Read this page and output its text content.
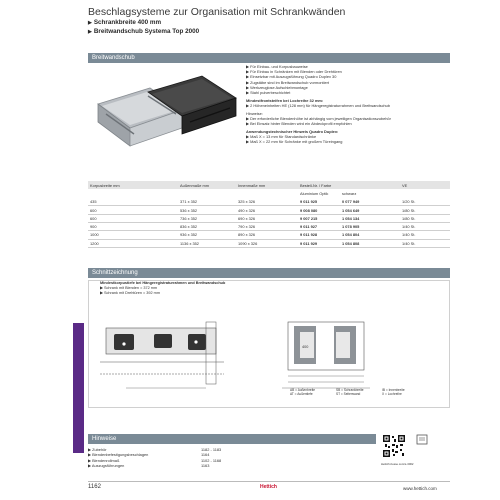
Beschlagsysteme zur Organisation mit Schrankwänden
▶ Schrankbreite 400 mm
▶ Breitwandschub Systema Top 2000
Breitwandschub
▶ Für Einbau- und Korpusbauweise
▶ Für Einbau in Schränken mit Blenden oder Drehtüren
▶ Einsetzbar mit Auszugsführung Quadro Duplex 30
▶ Zugstäbe sind im Breitwandschub vormontiert
▶ Werkzeuglose Aufschiebmontage
▶ Stahl pulverbeschichtet
Mindestfrontsteifen bei Lochreihe 32 mm:
▶ 2 Höheneinheiten HE (128 mm) für Hängeregistraturrahmen und Breitwandschub
Hinweise:
▶ Der erforderliche Blendenhöhe ist abhängig vom jeweiligen Organisationszubehör
▶ Bei Einsatz hinter Blenden wird ein Abdeckprofil empfohlen
Anwendungstechnischer Hinweis Quadro Duplex:
▶ Maß X = 13 mm für Standardschränke
▶ Maß X = 22 mm für Schränke mit großem Türeingang
Korpusbreite mm	Außenmaße mm	Innenmaße mm	Bestell-Nr. / Farbe		VE
			Aluminium Optik	schwarz	
435	371 x 352	325 x 326	9 011 925	0 077 949	1/20 St.
600	536 x 352	490 x 326	9 008 080	1 054 649	1/80 St.
600	736 x 352	690 x 326	9 007 215	1 054 134	1/80 St.
900	836 x 352	790 x 326	9 011 927	1 078 905	1/40 St.
1000	936 x 352	890 x 326	9 011 928	1 054 804	1/40 St.
1200	1136 x 352	1090 x 326	9 011 929	1 054 808	1/40 St.
Schnittzeichnung
Mindestkorpustiefe bei Hängeregistraturrahmen und Breitwandschub
▶ Schrank mit Blenden = 372 mm
▶ Schrank mit Drehtüren = 392 mm
400
AB = Außenbreite	SB = Schrankbreite	IB = Innenbreite
AT = Außentiefe	ST = Seitenwand	X = Lochreihe
Hinweise
▶ Zubehör	1182 - 1183
▶ Blendenbefestigungsbeschlagen	1164
▶ Blendenrollmaß	1102 - 1168
▶ Auszugsführungen	1163	Hettich-hesse.com/s-3002
1162	Hettich	www.hettich.com
